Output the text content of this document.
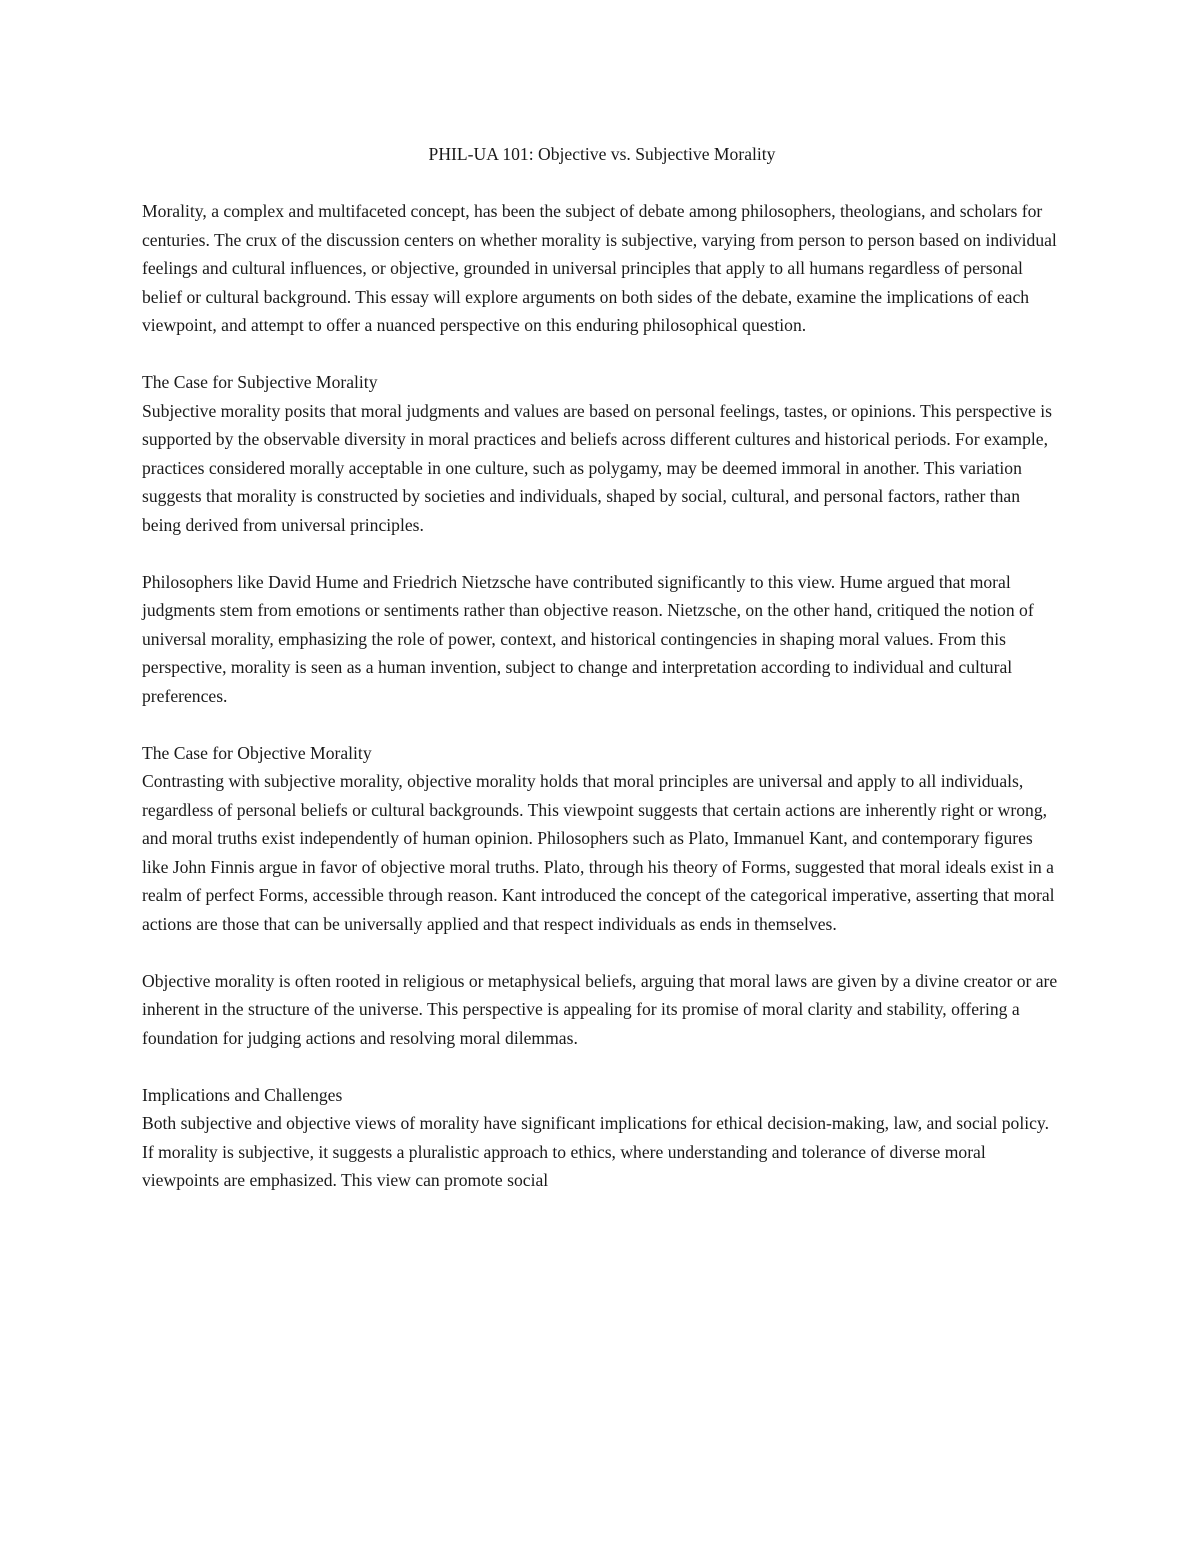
PHIL-UA 101: Objective vs. Subjective Morality

Morality, a complex and multifaceted concept, has been the subject of debate among philosophers, theologians, and scholars for centuries. The crux of the discussion centers on whether morality is subjective, varying from person to person based on individual feelings and cultural influences, or objective, grounded in universal principles that apply to all humans regardless of personal belief or cultural background. This essay will explore arguments on both sides of the debate, examine the implications of each viewpoint, and attempt to offer a nuanced perspective on this enduring philosophical question.

The Case for Subjective Morality

Subjective morality posits that moral judgments and values are based on personal feelings, tastes, or opinions. This perspective is supported by the observable diversity in moral practices and beliefs across different cultures and historical periods. For example, practices considered morally acceptable in one culture, such as polygamy, may be deemed immoral in another. This variation suggests that morality is constructed by societies and individuals, shaped by social, cultural, and personal factors, rather than being derived from universal principles.

Philosophers like David Hume and Friedrich Nietzsche have contributed significantly to this view. Hume argued that moral judgments stem from emotions or sentiments rather than objective reason. Nietzsche, on the other hand, critiqued the notion of universal morality, emphasizing the role of power, context, and historical contingencies in shaping moral values. From this perspective, morality is seen as a human invention, subject to change and interpretation according to individual and cultural preferences.

The Case for Objective Morality

Contrasting with subjective morality, objective morality holds that moral principles are universal and apply to all individuals, regardless of personal beliefs or cultural backgrounds. This viewpoint suggests that certain actions are inherently right or wrong, and moral truths exist independently of human opinion. Philosophers such as Plato, Immanuel Kant, and contemporary figures like John Finnis argue in favor of objective moral truths. Plato, through his theory of Forms, suggested that moral ideals exist in a realm of perfect Forms, accessible through reason. Kant introduced the concept of the categorical imperative, asserting that moral actions are those that can be universally applied and that respect individuals as ends in themselves.

Objective morality is often rooted in religious or metaphysical beliefs, arguing that moral laws are given by a divine creator or are inherent in the structure of the universe. This perspective is appealing for its promise of moral clarity and stability, offering a foundation for judging actions and resolving moral dilemmas.

Implications and Challenges

Both subjective and objective views of morality have significant implications for ethical decision-making, law, and social policy. If morality is subjective, it suggests a pluralistic approach to ethics, where understanding and tolerance of diverse moral viewpoints are emphasized. This view can promote social
